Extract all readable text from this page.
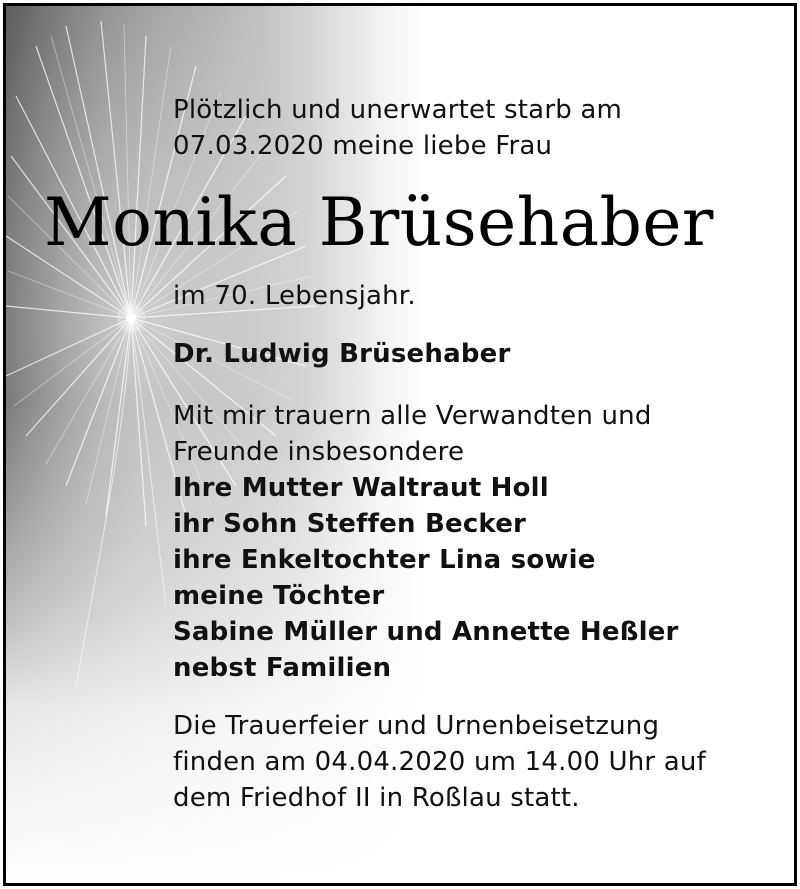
Plötzlich und unerwartet starb am
07.03.2020 meine liebe Frau
Monika Brüsehaber
im 70. Lebensjahr.
Dr. Ludwig Brüsehaber
Mit mir trauern alle Verwandten und
Freunde insbesondere
Ihre Mutter Waltraut Holl
ihr Sohn Steffen Becker
ihre Enkeltochter Lina sowie
meine Töchter
Sabine Müller und Annette Heßler
nebst Familien
Die Trauerfeier und Urnenbeisetzung
finden am 04.04.2020 um 14.00 Uhr auf
dem Friedhof II in Roßlau statt.
